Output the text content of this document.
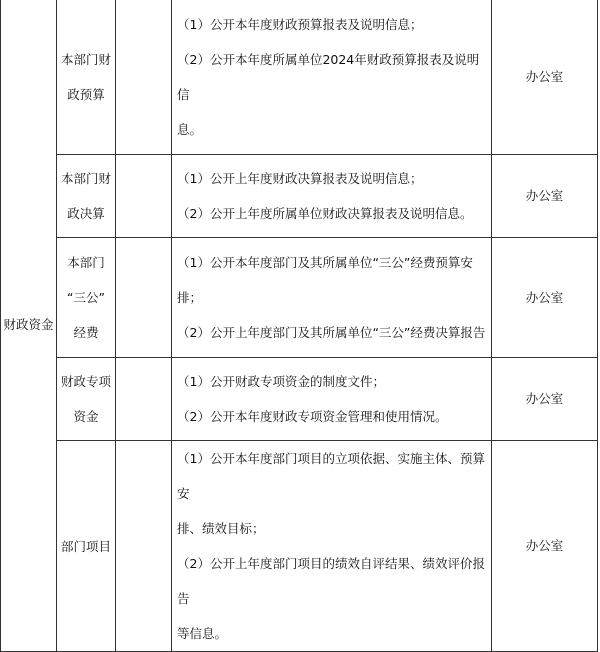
财政资金	本部门财
政预算		（1）公开本年度财政预算报表及说明信息；
（2）公开本年度所属单位2024年财政预算报表及说明信
息。	办公室

	本部门财
政决算		（1）公开上年度财政决算报表及说明信息；
（2）公开上年度所属单位财政决算报表及说明信息。	办公室

	本部门
“三公”
经费		（1）公开本年度部门及其所属单位“三公”经费预算安
排；
（2）公开上年度部门及其所属单位“三公”经费决算报告	办公室

	财政专项
资金		（1）公开财政专项资金的制度文件；
（2）公开本年度财政专项资金管理和使用情况。	办公室

	部门项目		（1）公开本年度部门项目的立项依据、实施主体、预算安
排、绩效目标；
（2）公开上年度部门项目的绩效自评结果、绩效评价报告
等信息。	办公室
